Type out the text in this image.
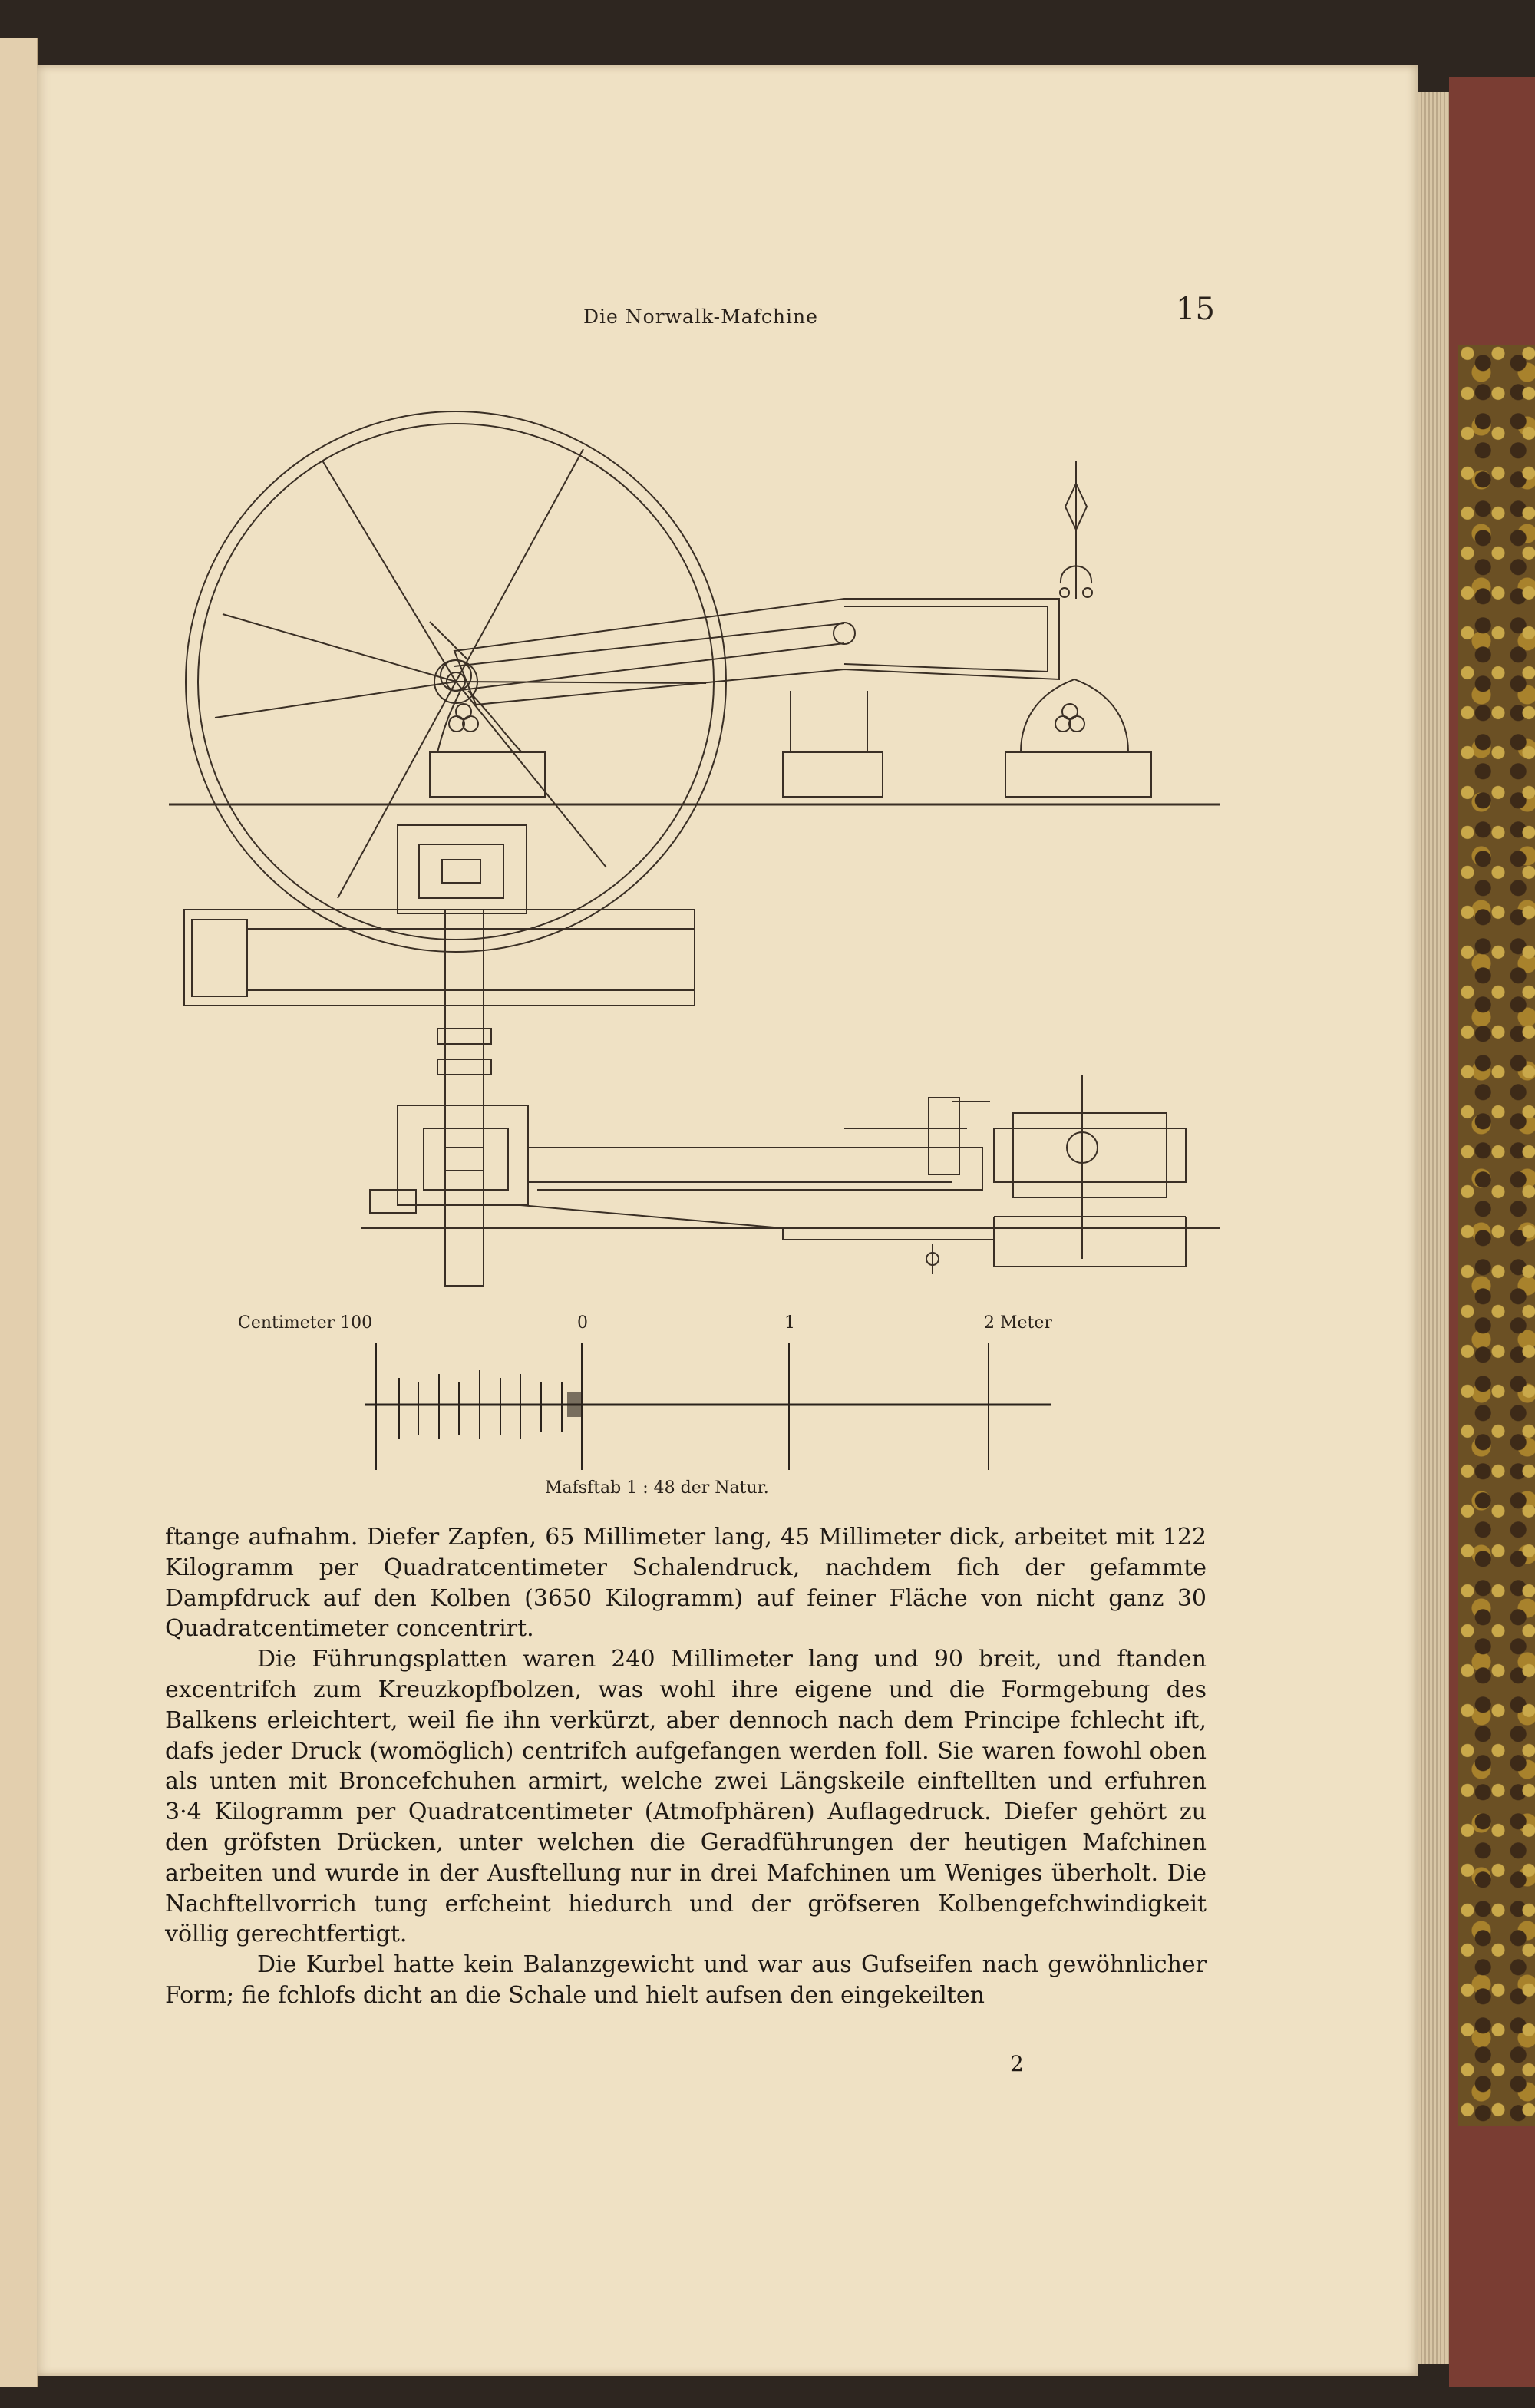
Die Norwalk-Mafchine	15
Centimeter 100	0	1	2 Meter
Mafsftab 1 : 48 der Natur.

ftange aufnahm. Diefer Zapfen, 65 Millimeter lang, 45 Millimeter dick, arbeitet mit 122 Kilogramm per Quadratcentimeter Schalendruck, nachdem fich der gefammte Dampfdruck auf den Kolben (3650 Kilogramm) auf feiner Fläche von nicht ganz 30 Quadratcentimeter concentrirt.

Die Führungsplatten waren 240 Millimeter lang und 90 breit, und ftanden excentrifch zum Kreuzkopfbolzen, was wohl ihre eigene und die Formgebung des Balkens erleichtert, weil fie ihn verkürzt, aber dennoch nach dem Principe fchlecht ift, dafs jeder Druck (womöglich) centrifch aufgefangen werden foll. Sie waren fowohl oben als unten mit Broncefchuhen armirt, welche zwei Längskeile einftellten und erfuhren 3·4 Kilogramm per Quadratcentimeter (Atmofphären) Auflagedruck. Diefer gehört zu den gröfsten Drücken, unter welchen die Geradführungen der heutigen Mafchinen arbeiten und wurde in der Ausftellung nur in drei Mafchinen um Weniges überholt. Die Nachftellvorrich tung erfcheint hiedurch und der gröfseren Kolbengefchwindigkeit völlig gerechtfertigt.

Die Kurbel hatte kein Balanzgewicht und war aus Gufseifen nach gewöhnlicher Form; fie fchlofs dicht an die Schale und hielt aufsen den eingekeilten

2
